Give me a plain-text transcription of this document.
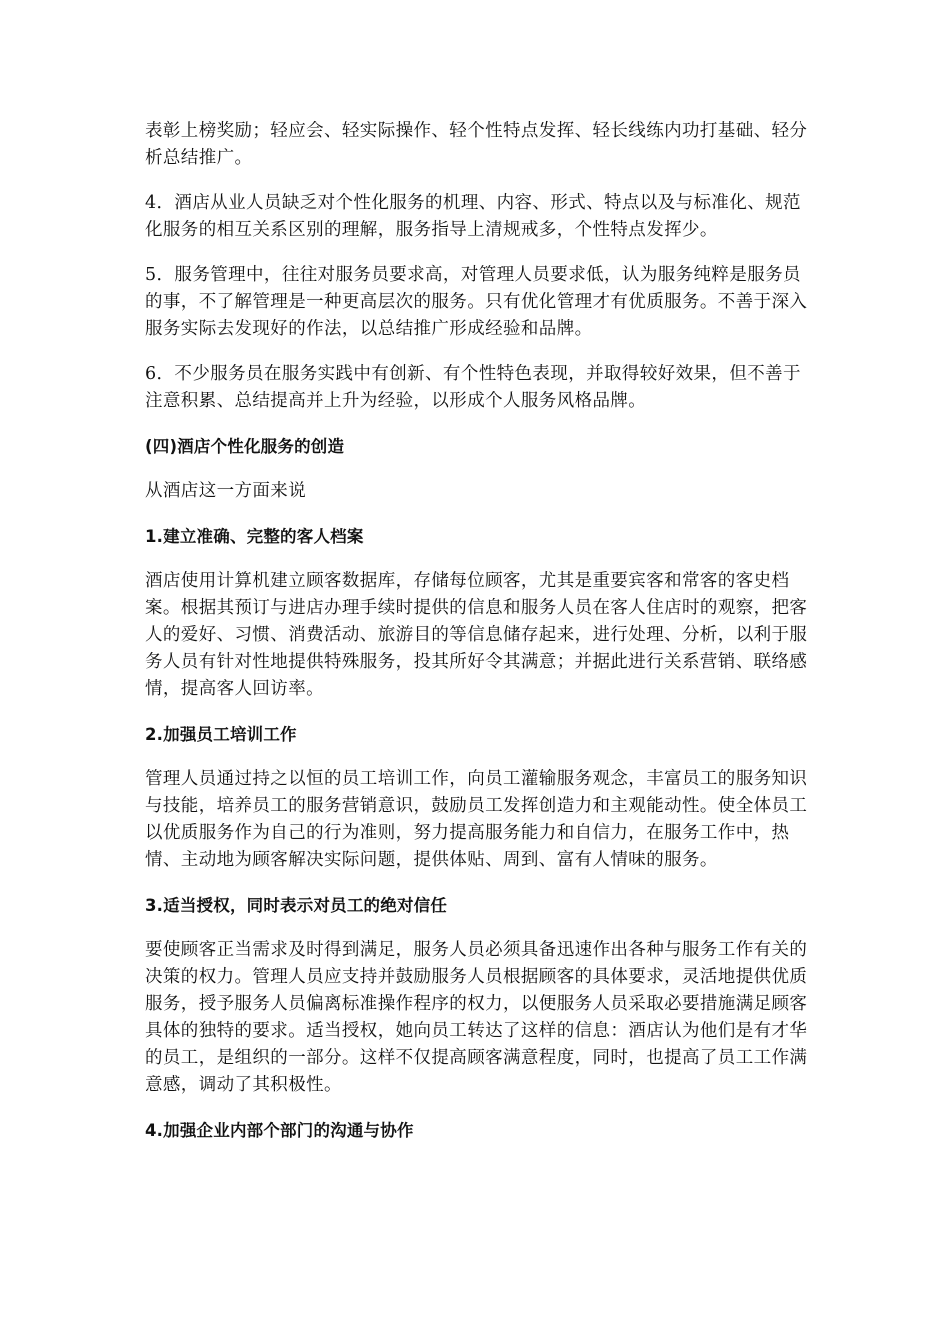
表彰上榜奖励；轻应会、轻实际操作、轻个性特点发挥、轻长线练内功打基础、轻分析总结推广。

4．酒店从业人员缺乏对个性化服务的机理、内容、形式、特点以及与标准化、规范化服务的相互关系区别的理解，服务指导上清规戒多，个性特点发挥少。

5．服务管理中，往往对服务员要求高，对管理人员要求低，认为服务纯粹是服务员的事，不了解管理是一种更高层次的服务。只有优化管理才有优质服务。不善于深入服务实际去发现好的作法，以总结推广形成经验和品牌。

6．不少服务员在服务实践中有创新、有个性特色表现，并取得较好效果，但不善于注意积累、总结提高并上升为经验，以形成个人服务风格品牌。

(四)酒店个性化服务的创造

从酒店这一方面来说

1.建立准确、完整的客人档案

酒店使用计算机建立顾客数据库，存储每位顾客，尤其是重要宾客和常客的客史档案。根据其预订与进店办理手续时提供的信息和服务人员在客人住店时的观察，把客人的爱好、习惯、消费活动、旅游目的等信息储存起来，进行处理、分析，以利于服务人员有针对性地提供特殊服务，投其所好令其满意；并据此进行关系营销、联络感情，提高客人回访率。

2.加强员工培训工作

管理人员通过持之以恒的员工培训工作，向员工灌输服务观念，丰富员工的服务知识与技能，培养员工的服务营销意识，鼓励员工发挥创造力和主观能动性。使全体员工以优质服务作为自己的行为准则，努力提高服务能力和自信力，在服务工作中，热情、主动地为顾客解决实际问题，提供体贴、周到、富有人情味的服务。

3.适当授权，同时表示对员工的绝对信任

要使顾客正当需求及时得到满足，服务人员必须具备迅速作出各种与服务工作有关的决策的权力。管理人员应支持并鼓励服务人员根据顾客的具体要求，灵活地提供优质服务，授予服务人员偏离标准操作程序的权力，以便服务人员采取必要措施满足顾客具体的独特的要求。适当授权，她向员工转达了这样的信息：酒店认为他们是有才华的员工，是组织的一部分。这样不仅提高顾客满意程度，同时，也提高了员工工作满意感，调动了其积极性。

4.加强企业内部个部门的沟通与协作
